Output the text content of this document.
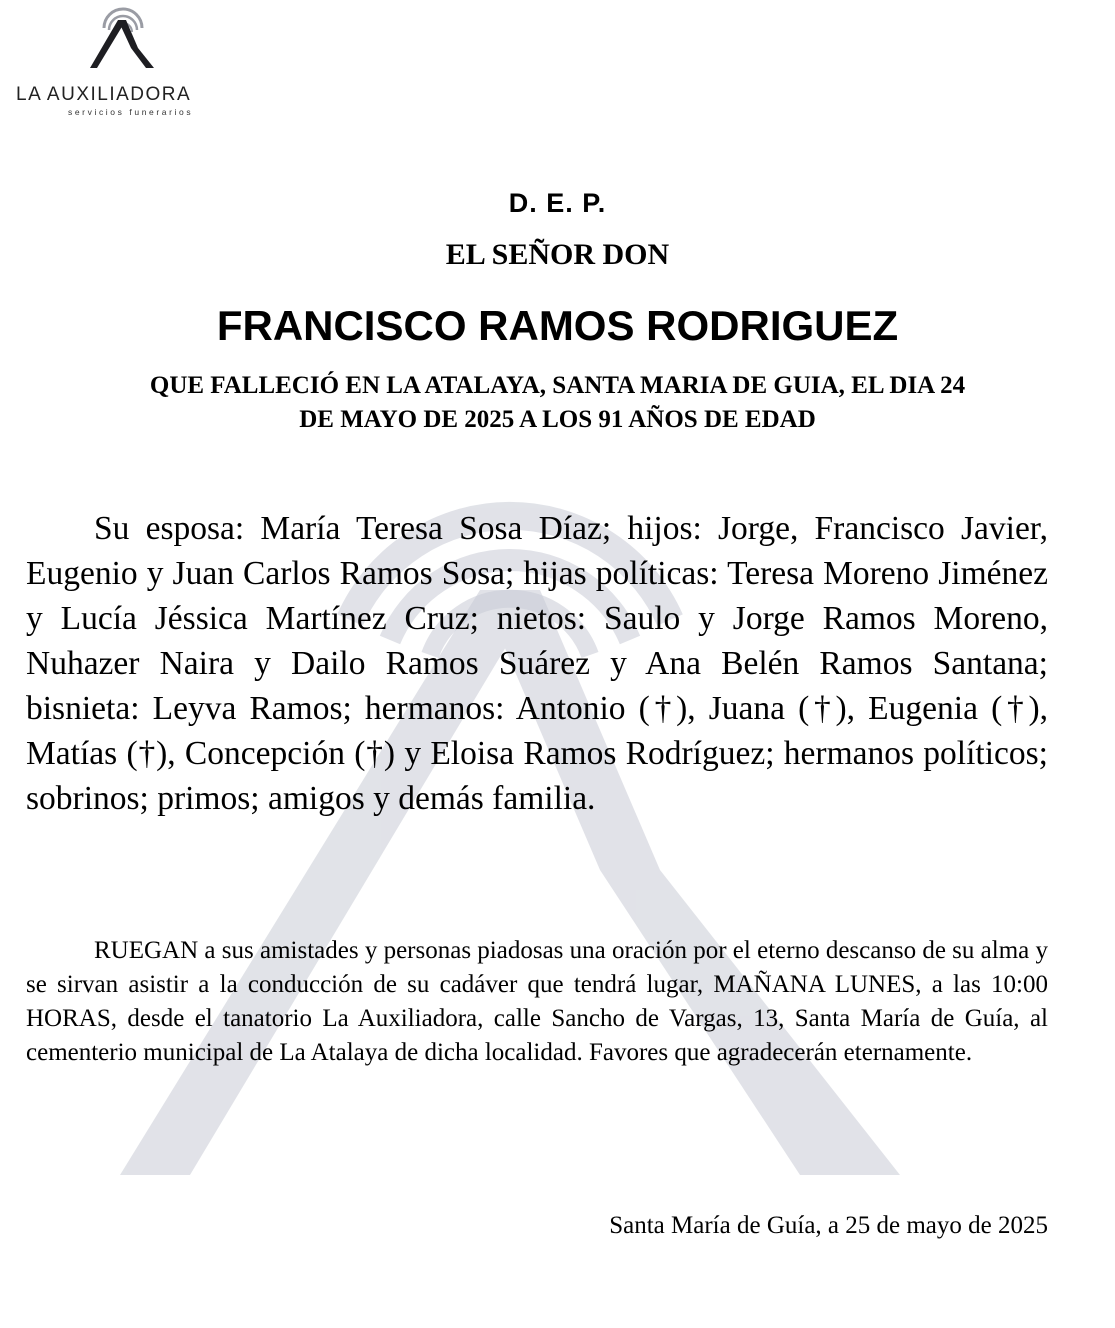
LA AUXILIADORA
servicios funerarios
D. E. P.
EL SEÑOR DON
FRANCISCO RAMOS RODRIGUEZ
QUE FALLECIÓ EN LA ATALAYA, SANTA MARIA DE GUIA, EL DIA 24
DE MAYO DE 2025 A LOS 91 AÑOS DE EDAD

Su esposa: María Teresa Sosa Díaz; hijos: Jorge, Francisco Javier, Eugenio y Juan Carlos Ramos Sosa; hijas políticas: Teresa Moreno Jiménez y Lucía Jéssica Martínez Cruz; nietos: Saulo y Jorge Ramos Moreno, Nuhazer Naira y Dailo Ramos Suárez y Ana Belén Ramos Santana; bisnieta: Leyva Ramos; hermanos: Antonio (†), Juana (†), Eugenia (†), Matías (†), Concepción (†) y Eloisa Ramos Rodríguez; hermanos políticos; sobrinos; primos; amigos y demás familia.

RUEGAN a sus amistades y personas piadosas una oración por el eterno descanso de su alma y se sirvan asistir a la conducción de su cadáver que tendrá lugar, MAÑANA LUNES, a las 10:00 HORAS, desde el tanatorio La Auxiliadora, calle Sancho de Vargas, 13, Santa María de Guía, al cementerio municipal de La Atalaya de dicha localidad. Favores que agradecerán eternamente.

Santa María de Guía, a 25 de mayo de 2025
